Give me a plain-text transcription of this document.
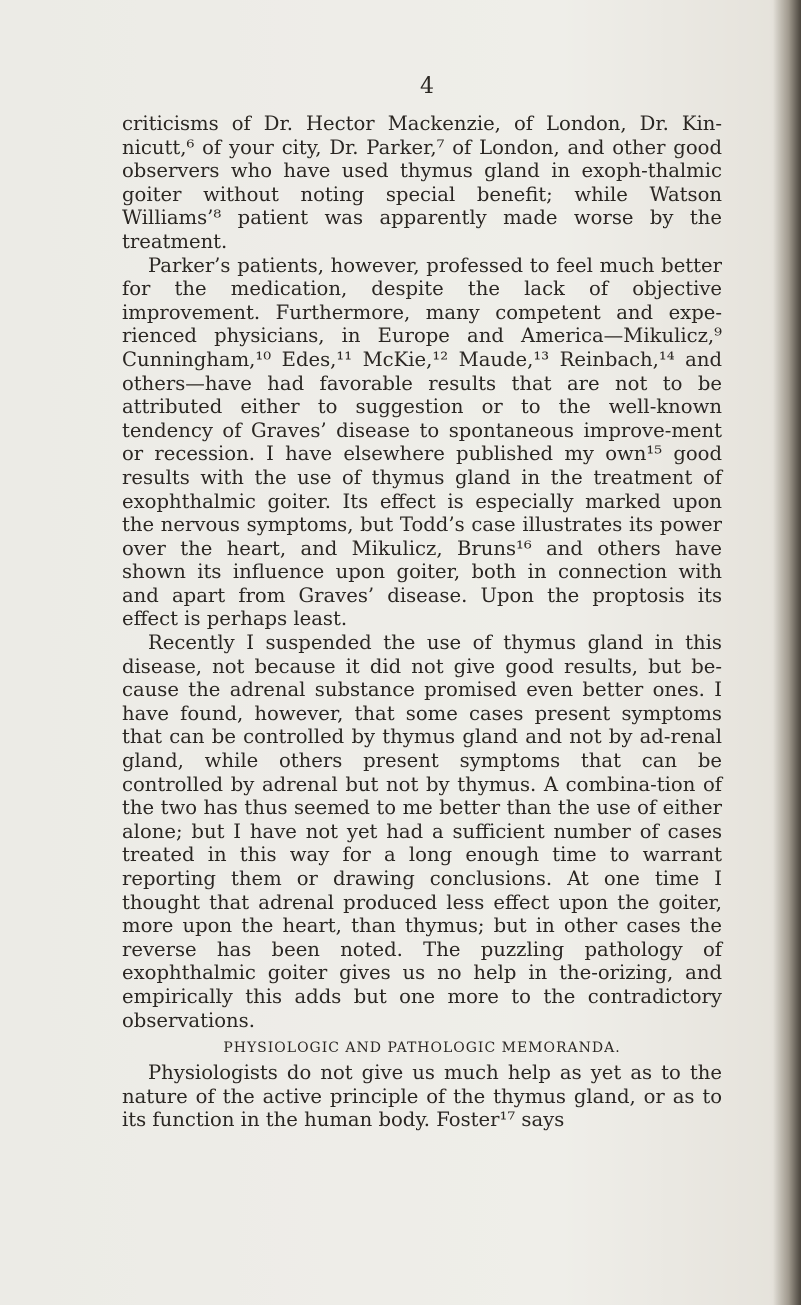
4

criticisms of Dr. Hector Mackenzie, of London, Dr. Kin-nicutt,⁶ of your city, Dr. Parker,⁷ of London, and other good observers who have used thymus gland in exoph-thalmic goiter without noting special benefit; while Watson Williams’⁸ patient was apparently made worse by the treatment.

Parker’s patients, however, professed to feel much better for the medication, despite the lack of objective improvement. Furthermore, many competent and expe-rienced physicians, in Europe and America—Mikulicz,⁹ Cunningham,¹⁰ Edes,¹¹ McKie,¹² Maude,¹³ Reinbach,¹⁴ and others—have had favorable results that are not to be attributed either to suggestion or to the well-known tendency of Graves’ disease to spontaneous improve-ment or recession. I have elsewhere published my own¹⁵ good results with the use of thymus gland in the treatment of exophthalmic goiter. Its effect is especially marked upon the nervous symptoms, but Todd’s case illustrates its power over the heart, and Mikulicz, Bruns¹⁶ and others have shown its influence upon goiter, both in connection with and apart from Graves’ disease. Upon the proptosis its effect is perhaps least.

Recently I suspended the use of thymus gland in this disease, not because it did not give good results, but be-cause the adrenal substance promised even better ones. I have found, however, that some cases present symptoms that can be controlled by thymus gland and not by ad-renal gland, while others present symptoms that can be controlled by adrenal but not by thymus. A combina-tion of the two has thus seemed to me better than the use of either alone; but I have not yet had a sufficient number of cases treated in this way for a long enough time to warrant reporting them or drawing conclusions. At one time I thought that adrenal produced less effect upon the goiter, more upon the heart, than thymus; but in other cases the reverse has been noted. The puzzling pathology of exophthalmic goiter gives us no help in the-orizing, and empirically this adds but one more to the contradictory observations.

PHYSIOLOGIC AND PATHOLOGIC MEMORANDA.

Physiologists do not give us much help as yet as to the nature of the active principle of the thymus gland, or as to its function in the human body. Foster¹⁷ says
